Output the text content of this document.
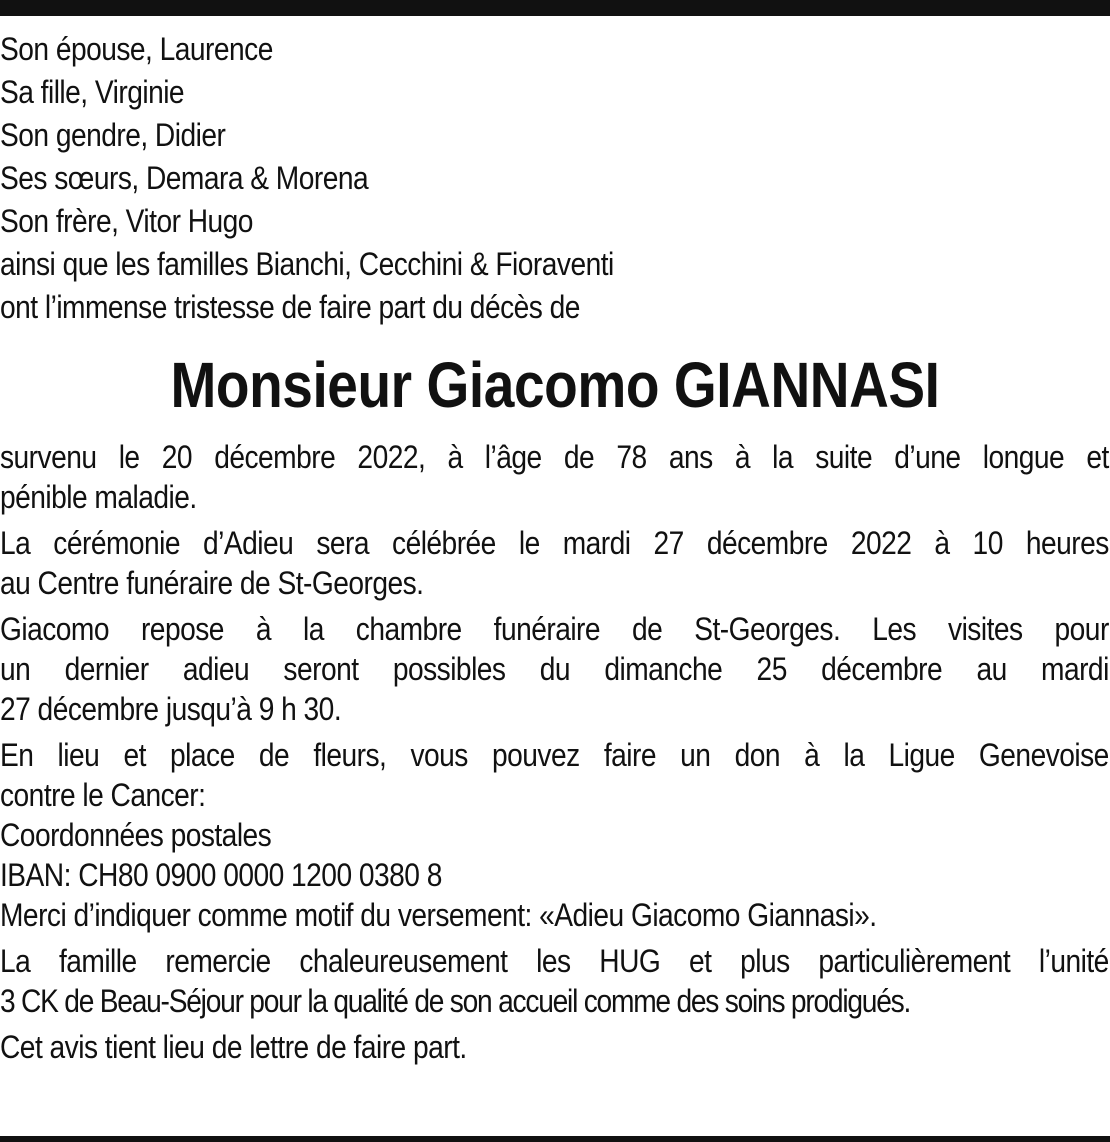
Son épouse, Laurence
Sa fille, Virginie
Son gendre, Didier
Ses sœurs, Demara & Morena
Son frère, Vitor Hugo
ainsi que les familles Bianchi, Cecchini & Fioraventi
ont l’immense tristesse de faire part du décès de
Monsieur Giacomo GIANNASI
survenu le 20 décembre 2022, à l’âge de 78 ans à la suite d’une longue et
pénible maladie.
La cérémonie d’Adieu sera célébrée le mardi 27 décembre 2022 à 10 heures
au Centre funéraire de St-Georges.
Giacomo repose à la chambre funéraire de St-Georges. Les visites pour
un dernier adieu seront possibles du dimanche 25 décembre au mardi
27 décembre jusqu’à 9 h 30.
En lieu et place de fleurs, vous pouvez faire un don à la Ligue Genevoise
contre le Cancer:
Coordonnées postales
IBAN: CH80 0900 0000 1200 0380 8
Merci d’indiquer comme motif du versement: «Adieu Giacomo Giannasi».
La famille remercie chaleureusement les HUG et plus particulièrement l’unité
3 CK de Beau-Séjour pour la qualité de son accueil comme des soins prodigués.
Cet avis tient lieu de lettre de faire part.
